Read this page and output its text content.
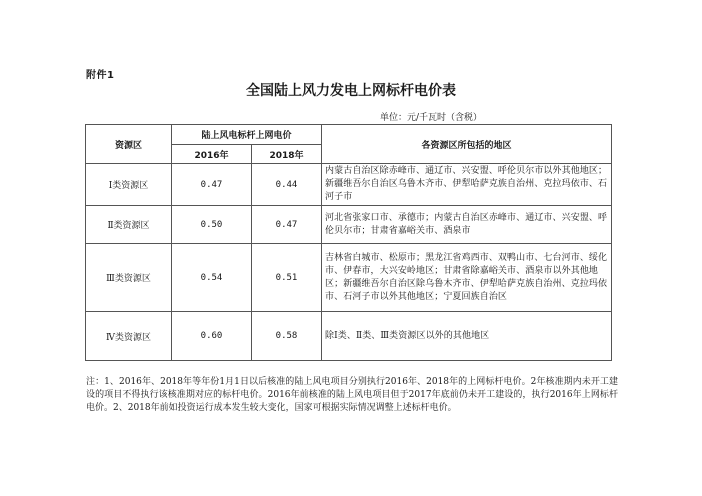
附件1
全国陆上风力发电上网标杆电价表
单位：元/千瓦时（含税）
资源区	陆上风电标杆上网电价		各资源区所包括的地区
	2016年	2018年	
Ⅰ类资源区	0.47	0.44	内蒙古自治区除赤峰市、通辽市、兴安盟、呼伦贝尔市以外其他地区；新疆维吾尔自治区乌鲁木齐市、伊犁哈萨克族自治州、克拉玛依市、石河子市
Ⅱ类资源区	0.50	0.47	河北省张家口市、承德市；内蒙古自治区赤峰市、通辽市、兴安盟、呼伦贝尔市；甘肃省嘉峪关市、酒泉市
Ⅲ类资源区	0.54	0.51	吉林省白城市、松原市；黑龙江省鸡西市、双鸭山市、七台河市、绥化市、伊春市，大兴安岭地区；甘肃省除嘉峪关市、酒泉市以外其他地区；新疆维吾尔自治区除乌鲁木齐市、伊犁哈萨克族自治州、克拉玛依市、石河子市以外其他地区；宁夏回族自治区
Ⅳ类资源区	0.60	0.58	除Ⅰ类、Ⅱ类、Ⅲ类资源区以外的其他地区
注：1、2016年、2018年等年份1月1日以后核准的陆上风电项目分别执行2016年、2018年的上网标杆电价。2年核准期内未开工建设的项目不得执行该核准期对应的标杆电价。2016年前核准的陆上风电项目但于2017年底前仍未开工建设的，执行2016年上网标杆电价。2、2018年前如投资运行成本发生较大变化，国家可根据实际情况调整上述标杆电价。
